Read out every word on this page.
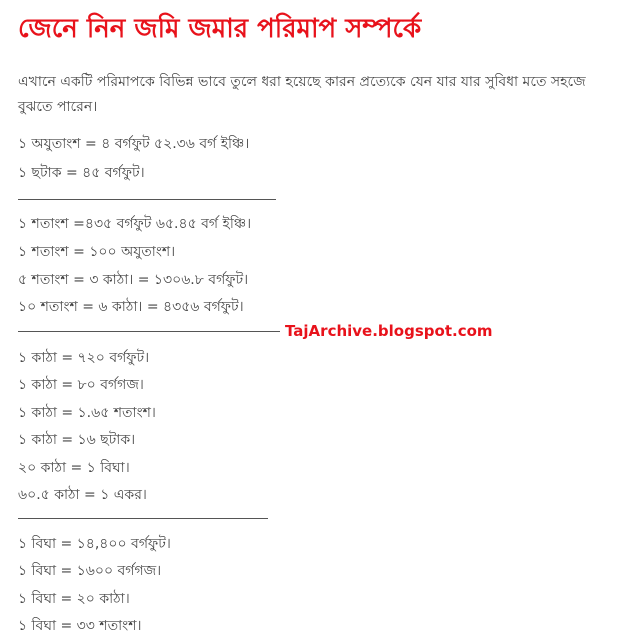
জেনে নিন জমি জমার পরিমাপ সম্পর্কে
এখানে একটি পরিমাপকে বিভিন্ন ভাবে তুলে ধরা হয়েছে কারন প্রত্যেকে যেন যার যার সুবিধা মতে সহজে বুঝতে পারেন।
১ অযুতাংশ = ৪ বর্গফুট ৫২.৩৬ বর্গ ইঞ্চি।
১ ছটাক = ৪৫ বর্গফুট।
১ শতাংশ =৪৩৫ বর্গফুট ৬৫.৪৫ বর্গ ইঞ্চি।
১ শতাংশ = ১০০ অযুতাংশ।
৫ শতাংশ = ৩ কাঠা। = ১৩০৬.৮ বর্গফুট।
১০ শতাংশ = ৬ কাঠা। = ৪৩৫৬ বর্গফুট।
TajArchive.blogspot.com
১ কাঠা = ৭২০ বর্গফুট।
১ কাঠা = ৮০ বর্গগজ।
১ কাঠা = ১.৬৫ শতাংশ।
১ কাঠা = ১৬ ছটাক।
২০ কাঠা = ১ বিঘা।
৬০.৫ কাঠা = ১ একর।
১ বিঘা = ১৪,৪০০ বর্গফুট।
১ বিঘা = ১৬০০ বর্গগজ।
১ বিঘা = ২০ কাঠা।
১ বিঘা = ৩৩ শতাংশ।
